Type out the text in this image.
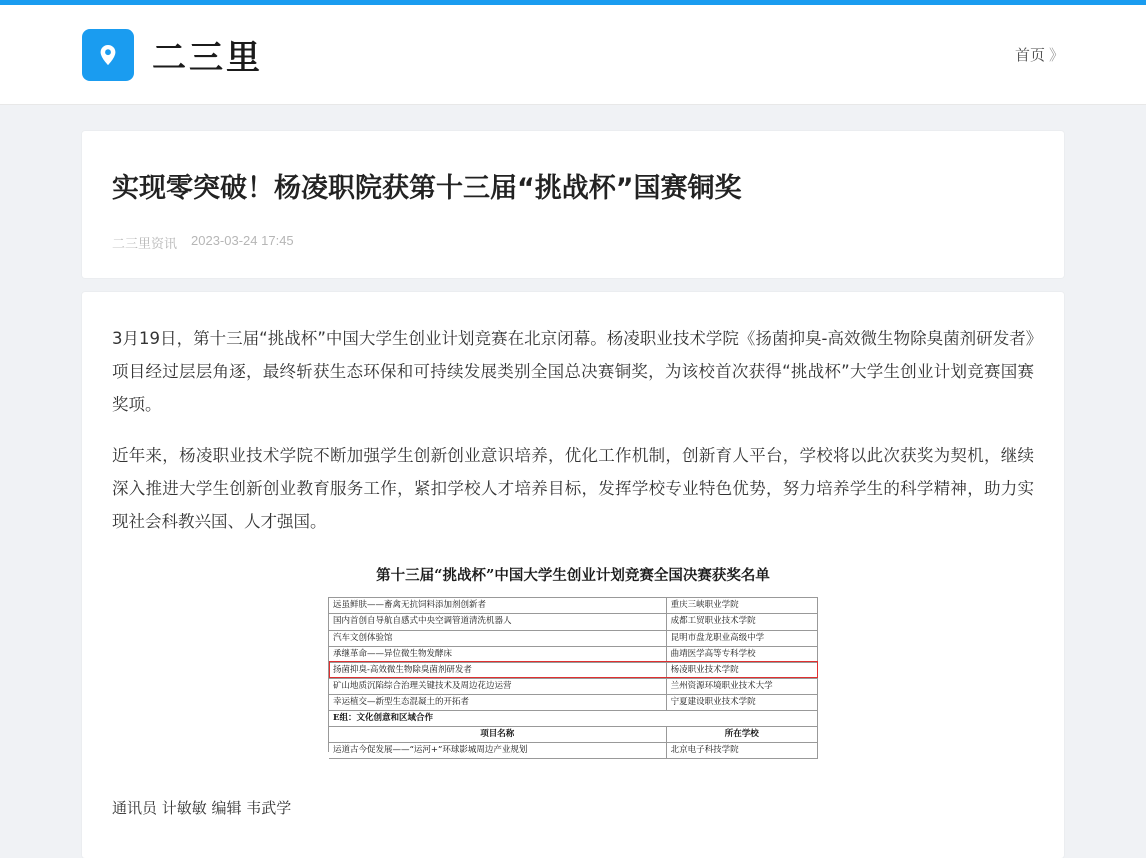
二三里	首页 》
实现零突破！杨凌职院获第十三届“挑战杯”国赛铜奖
二三里资讯 2023-03-24 17:45

3月19日，第十三届“挑战杯”中国大学生创业计划竞赛在北京闭幕。杨凌职业技术学院《扬菌抑臭-高效微生物除臭菌剂研发者》项目经过层层角逐，最终斩获生态环保和可持续发展类别全国总决赛铜奖，为该校首次获得“挑战杯”大学生创业计划竞赛国赛奖项。

近年来，杨凌职业技术学院不断加强学生创新创业意识培养，优化工作机制，创新育人平台，学校将以此次获奖为契机，继续深入推进大学生创新创业教育服务工作，紧扣学校人才培养目标，发挥学校专业特色优势，努力培养学生的科学精神，助力实现社会科教兴国、人才强国。

第十三届“挑战杯”中国大学生创业计划竞赛全国决赛获奖名单
远虽鲜肤——畜禽无抗饲料添加剂创新者	重庆三峡职业学院
国内首创自导航自感式中央空调管道清洗机器人	成都工贸职业技术学院
汽车文创体验馆	昆明市盘龙职业高级中学
承继革命——异位微生物发酵床	曲靖医学高等专科学校
扬菌抑臭-高效微生物除臭菌剂研发者	杨凌职业技术学院
矿山地质沉陷综合治理关键技术及周边花边运营	兰州资源环境职业技术大学
幸运植交—新型生态混凝土的开拓者	宁夏建设职业技术学院
E组：文化创意和区域合作	
项目名称	所在学校
运道古今促发展——“运河+”环球影城周边产业规划	北京电子科技学院
通讯员 计敏敏 编辑 韦武学
